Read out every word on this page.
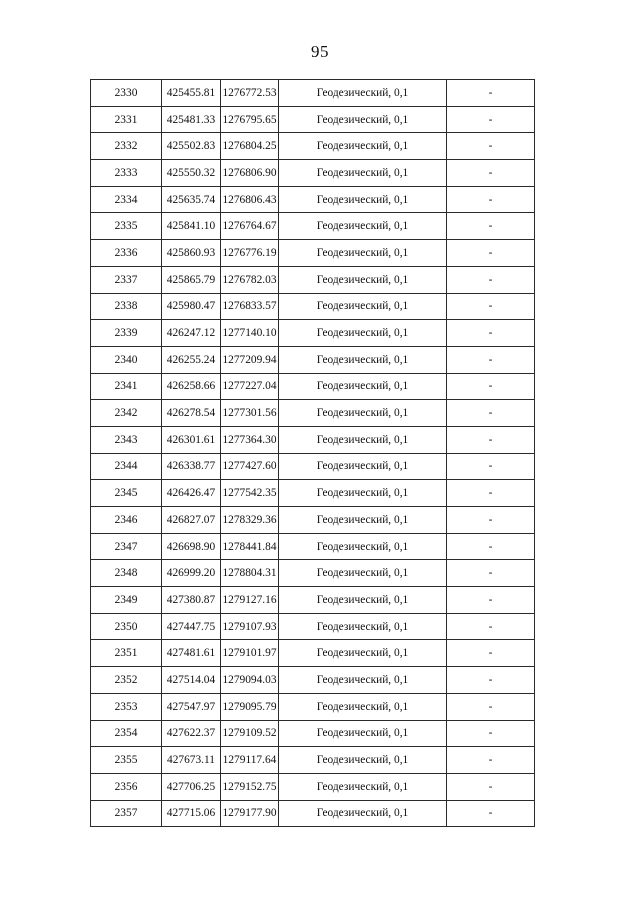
95
2330	425455.81	1276772.53	Геодезический, 0,1	-
2331	425481.33	1276795.65	Геодезический, 0,1	-
2332	425502.83	1276804.25	Геодезический, 0,1	-
2333	425550.32	1276806.90	Геодезический, 0,1	-
2334	425635.74	1276806.43	Геодезический, 0,1	-
2335	425841.10	1276764.67	Геодезический, 0,1	-
2336	425860.93	1276776.19	Геодезический, 0,1	-
2337	425865.79	1276782.03	Геодезический, 0,1	-
2338	425980.47	1276833.57	Геодезический, 0,1	-
2339	426247.12	1277140.10	Геодезический, 0,1	-
2340	426255.24	1277209.94	Геодезический, 0,1	-
2341	426258.66	1277227.04	Геодезический, 0,1	-
2342	426278.54	1277301.56	Геодезический, 0,1	-
2343	426301.61	1277364.30	Геодезический, 0,1	-
2344	426338.77	1277427.60	Геодезический, 0,1	-
2345	426426.47	1277542.35	Геодезический, 0,1	-
2346	426827.07	1278329.36	Геодезический, 0,1	-
2347	426698.90	1278441.84	Геодезический, 0,1	-
2348	426999.20	1278804.31	Геодезический, 0,1	-
2349	427380.87	1279127.16	Геодезический, 0,1	-
2350	427447.75	1279107.93	Геодезический, 0,1	-
2351	427481.61	1279101.97	Геодезический, 0,1	-
2352	427514.04	1279094.03	Геодезический, 0,1	-
2353	427547.97	1279095.79	Геодезический, 0,1	-
2354	427622.37	1279109.52	Геодезический, 0,1	-
2355	427673.11	1279117.64	Геодезический, 0,1	-
2356	427706.25	1279152.75	Геодезический, 0,1	-
2357	427715.06	1279177.90	Геодезический, 0,1	-
